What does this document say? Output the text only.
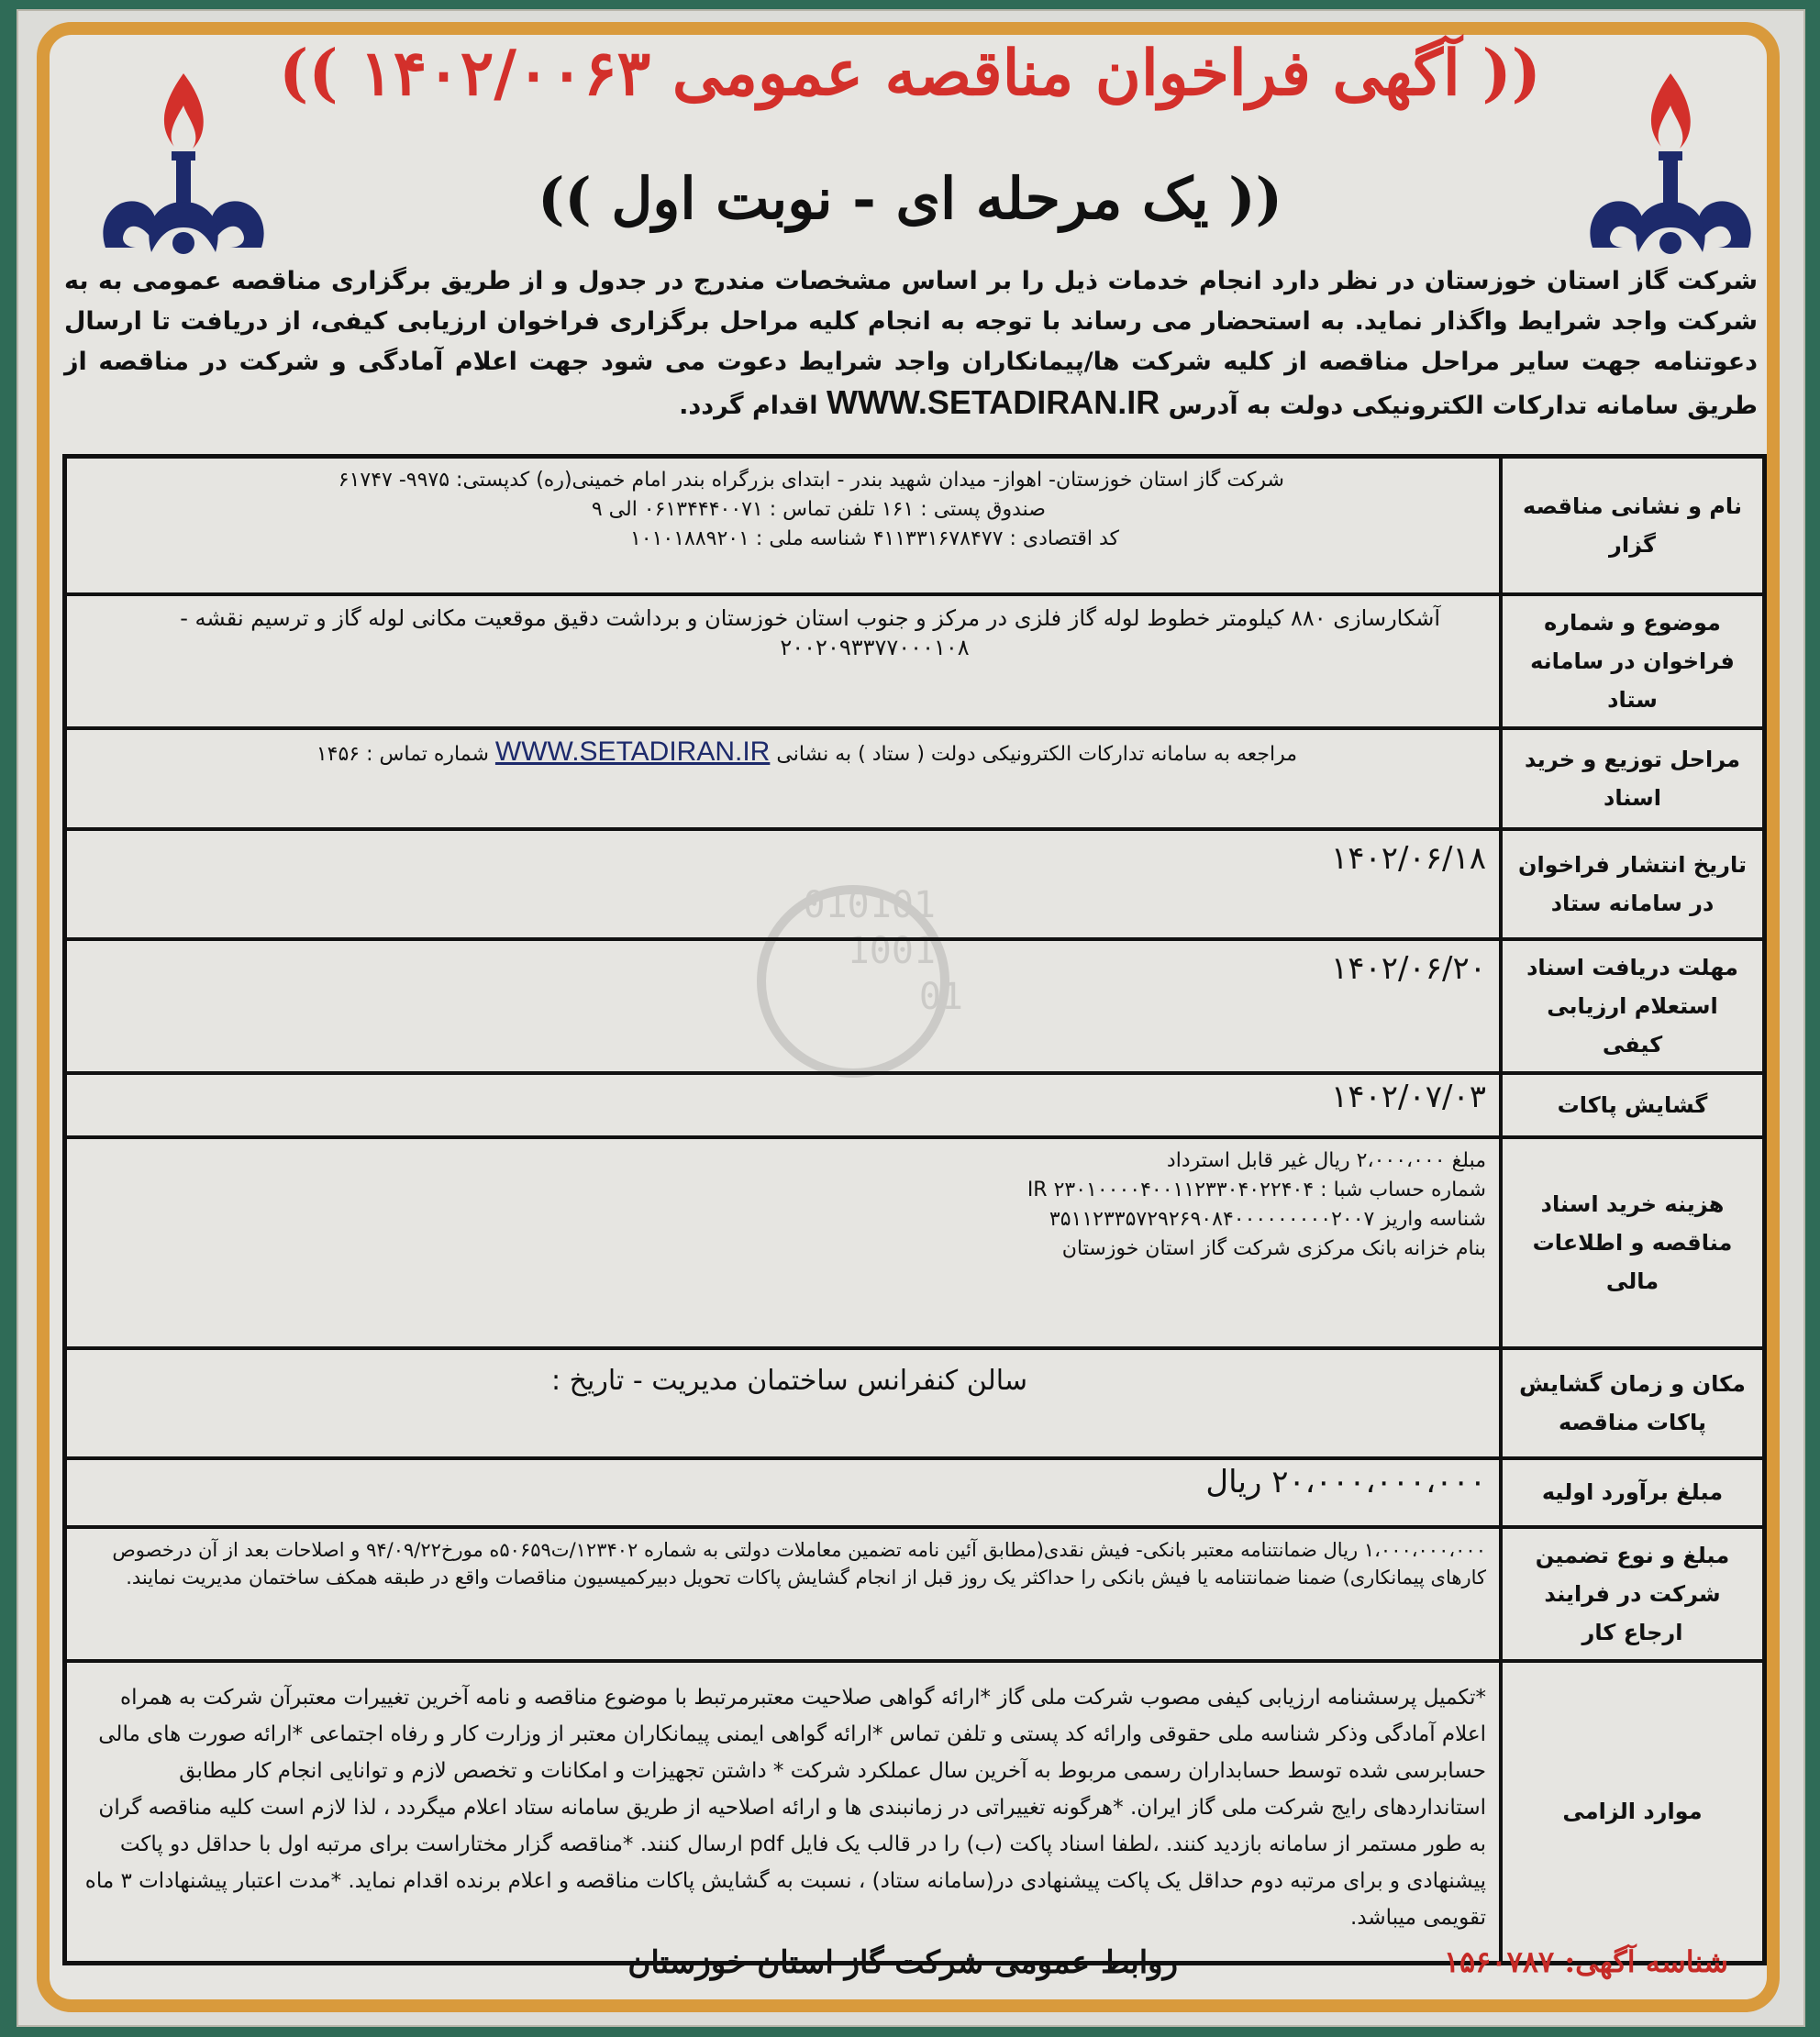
(( آگهی فراخوان مناقصه عمومی ۱۴۰۲/۰۰۶۳ ))
(( یک مرحله ای - نوبت اول ))
شرکت گاز استان خوزستان در نظر دارد انجام خدمات ذیل را بر اساس مشخصات مندرج در جدول و از طریق برگزاری مناقصه عمومی به به شرکت واجد شرایط واگذار نماید. به استحضار می رساند با توجه به انجام کلیه مراحل برگزاری فراخوان ارزیابی کیفی، از دریافت تا ارسال دعوتنامه جهت سایر مراحل مناقصه از کلیه شرکت ها/پیمانکاران واجد شرایط دعوت می شود جهت اعلام آمادگی و شرکت در مناقصه از طریق سامانه تدارکات الکترونیکی دولت به آدرس WWW.SETADIRAN.IR اقدام گردد.
010101
1001
01
نام و نشانی مناقصه گزار	شرکت گاز استان خوزستان- اهواز- میدان شهید بندر - ابتدای بزرگراه بندر امام خمینی(ره) کدپستی: ۹۹۷۵- ۶۱۷۴۷
صندوق پستی : ۱۶۱ تلفن تماس : ۰۶۱۳۴۴۴۰۰۷۱ الی ۹
کد اقتصادی : ۴۱۱۳۳۱۶۷۸۴۷۷ شناسه ملی : ۱۰۱۰۱۸۸۹۲۰۱

موضوع و شماره فراخوان در سامانه ستاد	آشکارسازی ۸۸۰ کیلومتر خطوط لوله گاز فلزی در مرکز و جنوب استان خوزستان و برداشت دقیق موقعیت مکانی لوله گاز و ترسیم نقشه -
۲۰۰۲۰۹۳۳۷۷۰۰۰۱۰۸

مراحل توزیع و خرید اسناد	مراجعه به سامانه تدارکات الکترونیکی دولت ( ستاد ) به نشانی WWW.SETADIRAN.IR شماره تماس : ۱۴۵۶
تاریخ انتشار فراخوان در سامانه ستاد	۱۴۰۲/۰۶/۱۸

مهلت دریافت اسناد استعلام ارزیابی کیفی	۱۴۰۲/۰۶/۲۰

گشایش پاکات	۱۴۰۲/۰۷/۰۳

هزینه خرید اسناد مناقصه و اطلاعات مالی	مبلغ ۲،۰۰۰،۰۰۰ ریال غیر قابل استرداد
شماره حساب شبا : IR ۲۳۰۱۰۰۰۰۴۰۰۱۱۲۳۳۰۴۰۲۲۴۰۴
شناسه واریز ۳۵۱۱۲۳۳۵۷۲۹۲۶۹۰۸۴۰۰۰۰۰۰۰۰۰۲۰۰۷
بنام خزانه بانک مرکزی شرکت گاز استان خوزستان

مکان و زمان گشایش پاکات مناقصه	سالن کنفرانس ساختمان مدیریت - تاریخ :

مبلغ برآورد اولیه	۲۰،۰۰۰،۰۰۰،۰۰۰ ریال

مبلغ و نوع تضمین شرکت در فرایند ارجاع کار	۱،۰۰۰،۰۰۰،۰۰۰ ریال ضمانتنامه معتبر بانکی- فیش نقدی(مطابق آئین نامه تضمین معاملات دولتی به شماره ۱۲۳۴۰۲/ت۵۰۶۵۹ه مورخ۹۴/۰۹/۲۲ و اصلاحات بعد از آن درخصوص کارهای پیمانکاری) ضمنا ضمانتنامه یا فیش بانکی را حداکثر یک روز قبل از انجام گشایش پاکات تحویل دبیرکمیسیون مناقصات واقع در طبقه همکف ساختمان مدیریت نمایند.

موارد الزامی	*تکمیل پرسشنامه ارزیابی کیفی مصوب شرکت ملی گاز *ارائه گواهی صلاحیت معتبرمرتبط با موضوع مناقصه و نامه آخرین تغییرات معتبرآن شرکت به همراه اعلام آمادگی وذکر شناسه ملی حقوقی وارائه کد پستی و تلفن تماس *ارائه گواهی ایمنی پیمانکاران معتبر از وزارت کار و رفاه اجتماعی *ارائه صورت های مالی حسابرسی شده توسط حسابداران رسمی مربوط به آخرین سال عملکرد شرکت * داشتن تجهیزات و امکانات و تخصص لازم و توانایی انجام کار مطابق استانداردهای رایج شرکت ملی گاز ایران. *هرگونه تغییراتی در زمانبندی ها و ارائه اصلاحیه از طریق سامانه ستاد اعلام میگردد ، لذا لازم است کلیه مناقصه گران به طور مستمر از سامانه بازدید کنند. ،لطفا اسناد پاکت (ب) را در قالب یک فایل pdf ارسال کنند. *مناقصه گزار مختاراست برای مرتبه اول با حداقل دو پاکت پیشنهادی و برای مرتبه دوم حداقل یک پاکت پیشنهادی در(سامانه ستاد) ، نسبت به گشایش پاکات مناقصه و اعلام برنده اقدام نماید. *مدت اعتبار پیشنهادات ۳ ماه تقویمی میباشد.
شناسه آگهی: ۱۵۶۰۷۸۷
روابط عمومی شرکت گاز استان خوزستان
